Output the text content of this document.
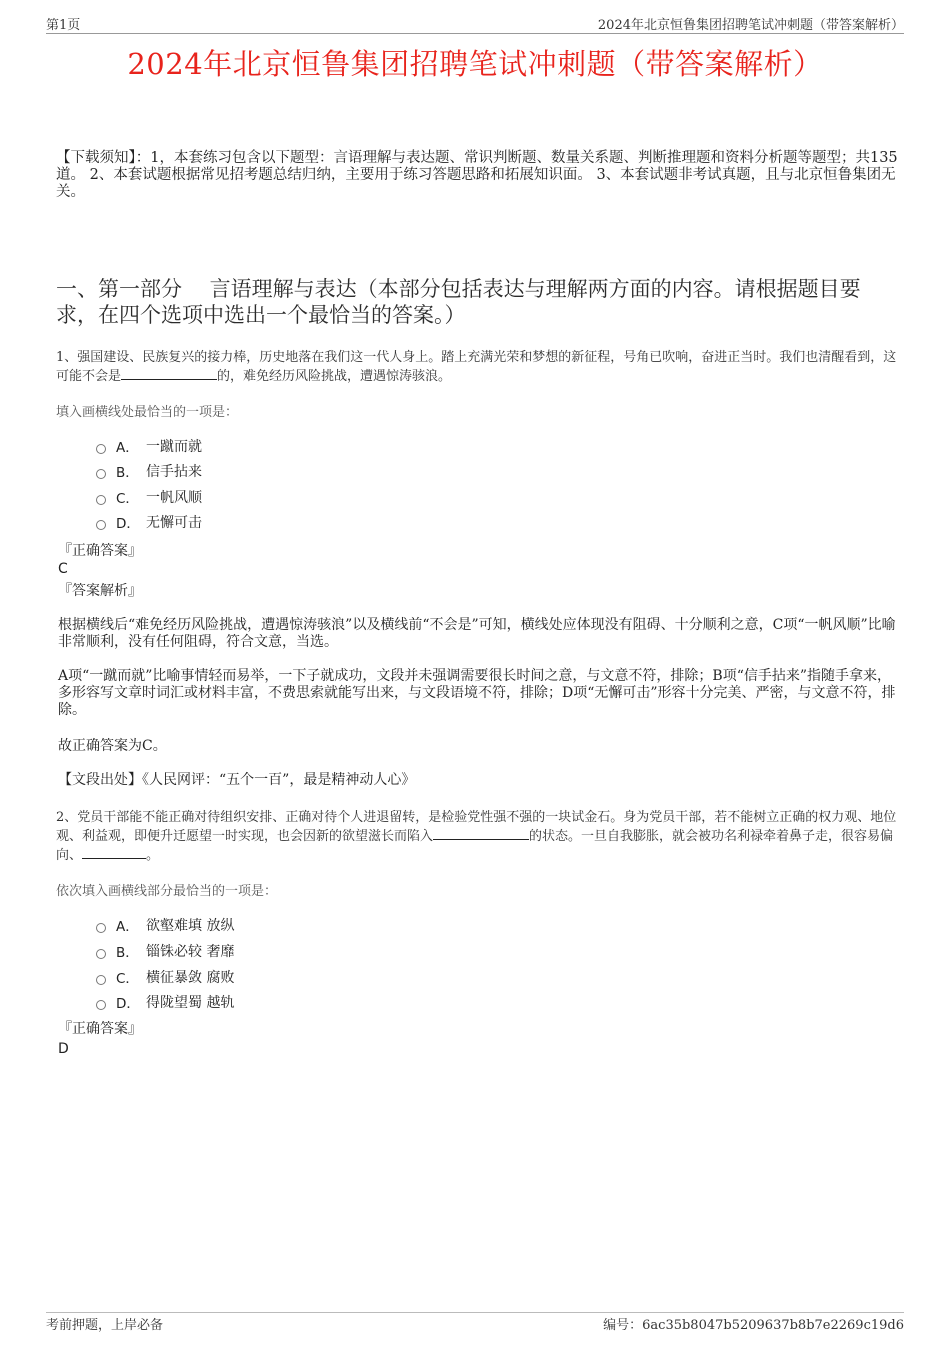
第1页	2024年北京恒鲁集团招聘笔试冲刺题（带答案解析）
2024年北京恒鲁集团招聘笔试冲刺题（带答案解析）
【下载须知】：1，本套练习包含以下题型：言语理解与表达题、常识判断题、数量关系题、判断推理题和资料分析题等题型；共135道。 2、本套试题根据常见招考题总结归纳，主要用于练习答题思路和拓展知识面。 3、本套试题非考试真题，且与北京恒鲁集团无关。
一、第一部分　 言语理解与表达（本部分包括表达与理解两方面的内容。请根据题目要求，在四个选项中选出一个最恰当的答案。）
1、强国建设、民族复兴的接力棒，历史地落在我们这一代人身上。踏上充满光荣和梦想的新征程，号角已吹响，奋进正当时。我们也清醒看到，这可能不会是	的，难免经历风险挑战，遭遇惊涛骇浪。
填入画横线处最恰当的一项是：
A． 一蹴而就
B． 信手拈来
C． 一帆风顺
D． 无懈可击
『正确答案』
C
『答案解析』
根据横线后“难免经历风险挑战，遭遇惊涛骇浪”以及横线前“不会是”可知，横线处应体现没有阻碍、十分顺利之意，C项“一帆风顺”比喻非常顺利，没有任何阻碍，符合文意，当选。
A项“一蹴而就”比喻事情轻而易举，一下子就成功，文段并未强调需要很长时间之意，与文意不符，排除；B项“信手拈来”指随手拿来，多形容写文章时词汇或材料丰富，不费思索就能写出来，与文段语境不符，排除；D项“无懈可击”形容十分完美、严密，与文意不符，排除。
故正确答案为C。
【文段出处】《人民网评：“五个一百”，最是精神动人心》
2、党员干部能不能正确对待组织安排、正确对待个人进退留转，是检验党性强不强的一块试金石。身为党员干部，若不能树立正确的权力观、地位观、利益观，即便升迁愿望一时实现，也会因新的欲望滋长而陷入	的状态。一旦自我膨胀，就会被功名利禄牵着鼻子走，很容易偏向、	。
依次填入画横线部分最恰当的一项是：
A． 欲壑难填 放纵
B． 锱铢必较 奢靡
C． 横征暴敛 腐败
D． 得陇望蜀 越轨
『正确答案』
D
考前押题，上岸必备	编号：6ac35b8047b5209637b8b7e2269c19d6
